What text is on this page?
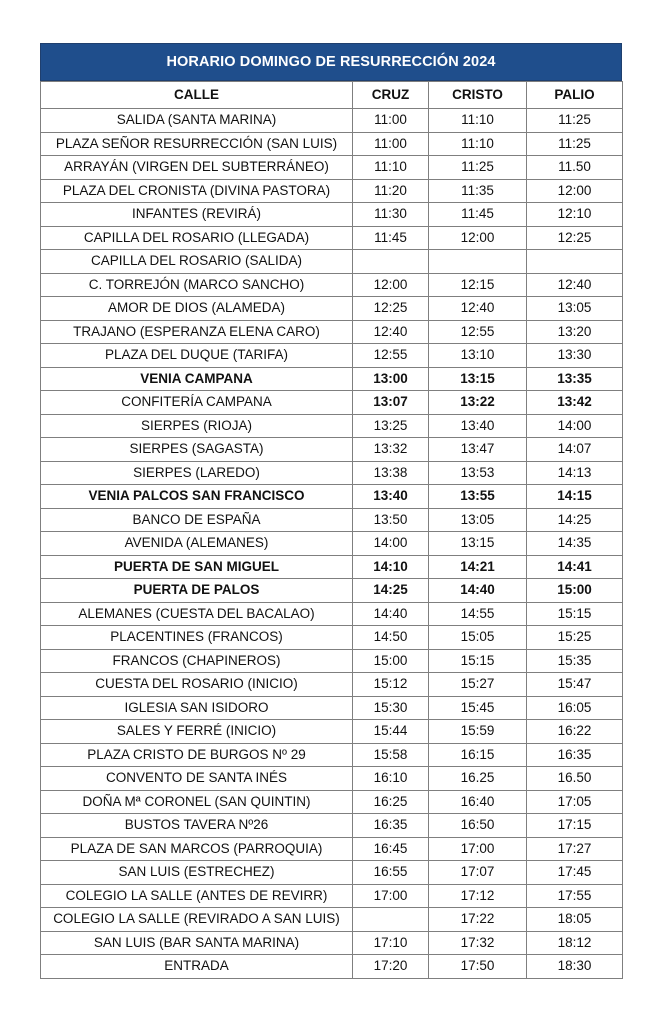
HORARIO DOMINGO DE RESURRECCIÓN 2024
CALLE	CRUZ	CRISTO	PALIO
SALIDA (SANTA MARINA)	11:00	11:10	11:25
PLAZA SEÑOR RESURRECCIÓN (SAN LUIS)	11:00	11:10	11:25
ARRAYÁN (VIRGEN DEL SUBTERRÁNEO)	11:10	11:25	11.50
PLAZA DEL CRONISTA (DIVINA PASTORA)	11:20	11:35	12:00
INFANTES (REVIRÁ)	11:30	11:45	12:10
CAPILLA DEL ROSARIO (LLEGADA)	11:45	12:00	12:25
CAPILLA DEL ROSARIO (SALIDA)			
C. TORREJÓN (MARCO SANCHO)	12:00	12:15	12:40
AMOR DE DIOS (ALAMEDA)	12:25	12:40	13:05
TRAJANO (ESPERANZA ELENA CARO)	12:40	12:55	13:20
PLAZA DEL DUQUE (TARIFA)	12:55	13:10	13:30
VENIA CAMPANA	13:00	13:15	13:35
CONFITERÍA CAMPANA	13:07	13:22	13:42
SIERPES (RIOJA)	13:25	13:40	14:00
SIERPES (SAGASTA)	13:32	13:47	14:07
SIERPES (LAREDO)	13:38	13:53	14:13
VENIA PALCOS SAN FRANCISCO	13:40	13:55	14:15
BANCO DE ESPAÑA	13:50	13:05	14:25
AVENIDA (ALEMANES)	14:00	13:15	14:35
PUERTA DE SAN MIGUEL	14:10	14:21	14:41
PUERTA DE PALOS	14:25	14:40	15:00
ALEMANES (CUESTA DEL BACALAO)	14:40	14:55	15:15
PLACENTINES (FRANCOS)	14:50	15:05	15:25
FRANCOS (CHAPINEROS)	15:00	15:15	15:35
CUESTA DEL ROSARIO (INICIO)	15:12	15:27	15:47
IGLESIA SAN ISIDORO	15:30	15:45	16:05
SALES Y FERRÉ (INICIO)	15:44	15:59	16:22
PLAZA CRISTO DE BURGOS Nº 29	15:58	16:15	16:35
CONVENTO DE SANTA INÉS	16:10	16.25	16.50
DOÑA Mª CORONEL (SAN QUINTIN)	16:25	16:40	17:05
BUSTOS TAVERA Nº26	16:35	16:50	17:15
PLAZA DE SAN MARCOS (PARROQUIA)	16:45	17:00	17:27
SAN LUIS (ESTRECHEZ)	16:55	17:07	17:45
COLEGIO LA SALLE (ANTES DE REVIRR)	17:00	17:12	17:55
COLEGIO LA SALLE (REVIRADO A SAN LUIS)		17:22	18:05
SAN LUIS (BAR SANTA MARINA)	17:10	17:32	18:12
ENTRADA	17:20	17:50	18:30
